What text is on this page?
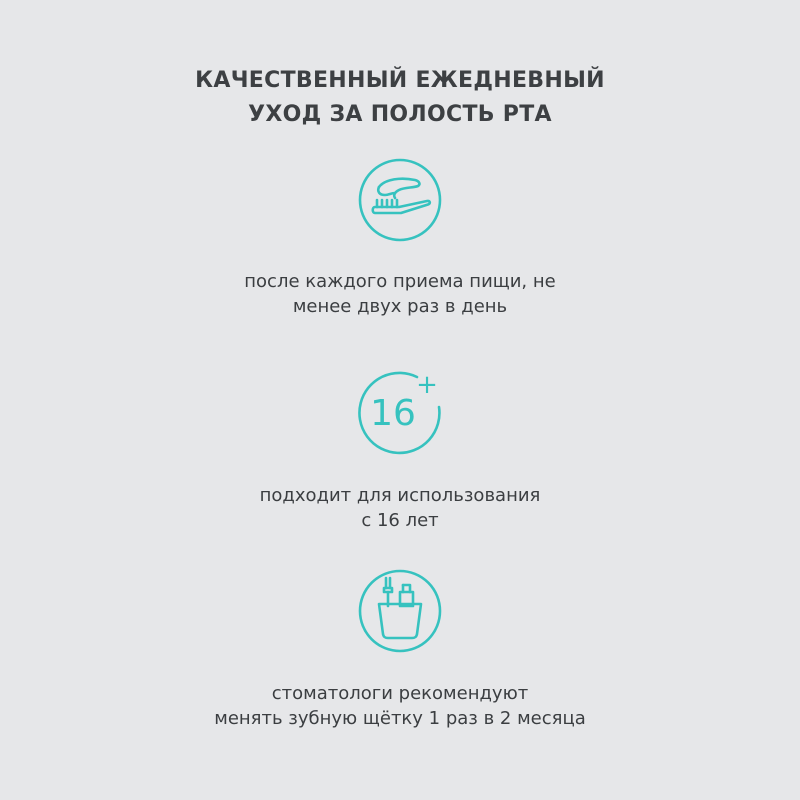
КАЧЕСТВЕННЫЙ ЕЖЕДНЕВНЫЙ
УХОД ЗА ПОЛОСТЬ РТА
после каждого приема пищи, не
менее двух раз в день
16
+
подходит для использования
с 16 лет
стоматологи рекомендуют
менять зубную щётку 1 раз в 2 месяца
